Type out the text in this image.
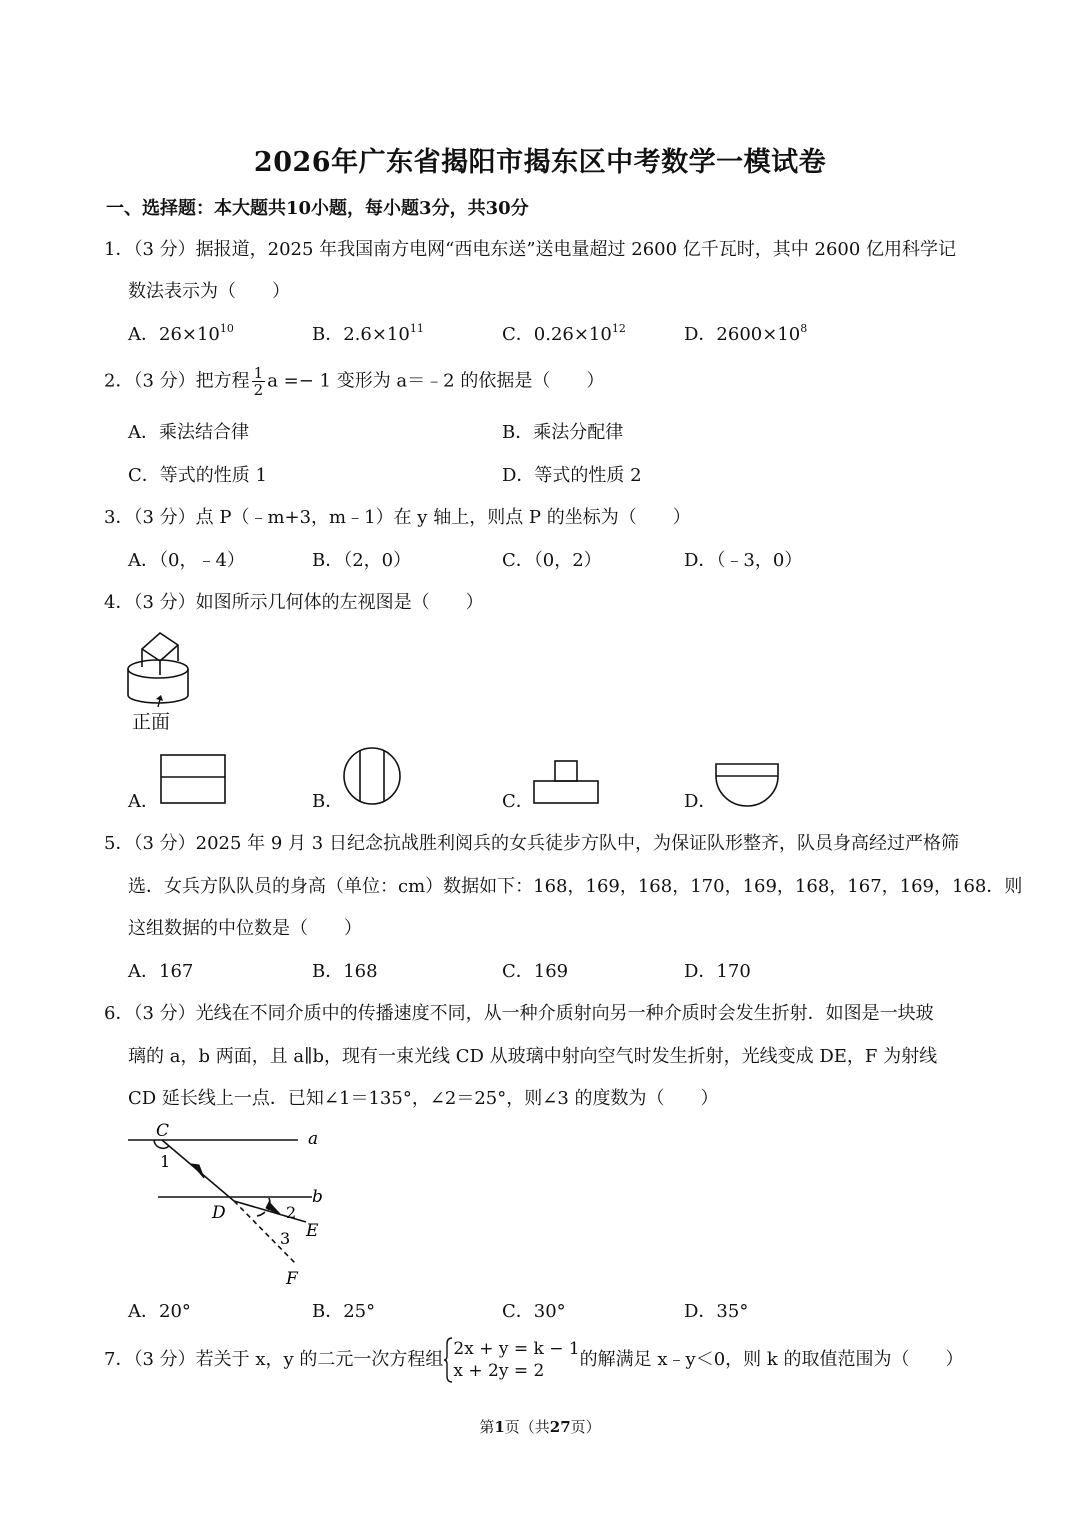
2026年广东省揭阳市揭东区中考数学一模试卷
一、选择题：本大题共10小题，每小题3分，共30分
1．（3 分）据报道，2025 年我国南方电网“西电东送”送电量超过 2600 亿千瓦时，其中 2600 亿用科学记
数法表示为（　　）
A．$26\times 10^{10}$	B．$2.6\times 10^{11}$	C．$0.26\times 10^{12}$	D．$2600\times 10^8$
2．（3 分）把方程 $\frac{1}{2}$ a =− 1 变形为 a＝﹣2 的依据是（　　）
A．乘法结合律	B．乘法分配律
C．等式的性质 1	D．等式的性质 2
3．（3 分）点 P（﹣m+3，m﹣1）在 y 轴上，则点 P 的坐标为（　　）
A．（0，﹣4）	B．（2，0）	C．（0，2）	D．（﹣3，0）
4．（3 分）如图所示几何体的左视图是（　　）
正面
A．	B．	C．	D．
5．（3 分）2025 年 9 月 3 日纪念抗战胜利阅兵的女兵徒步方队中，为保证队形整齐，队员身高经过严格筛
选．女兵方队队员的身高（单位：cm）数据如下：168，169，168，170，169，168，167，169，168．则
这组数据的中位数是（　　）
A．167	B．168	C．169	D．170
6．（3 分）光线在不同介质中的传播速度不同，从一种介质射向另一种介质时会发生折射．如图是一块玻
璃的 a，b 两面，且 a∥b，现有一束光线 CD 从玻璃中射向空气时发生折射，光线变成 DE，F 为射线
CD 延长线上一点．已知∠1＝135°，∠2＝25°，则∠3 的度数为（　　）
C	a
1
b
D	2
E
3
F
A．20°	B．25°	C．30°	D．35°
7．（3 分）若关于 x，y 的二元一次方程组 2x + y = k − 1
x + 2y = 2
的解满足 x﹣y＜0，则 k 的取值范围为（　　）
第1页（共27页）
